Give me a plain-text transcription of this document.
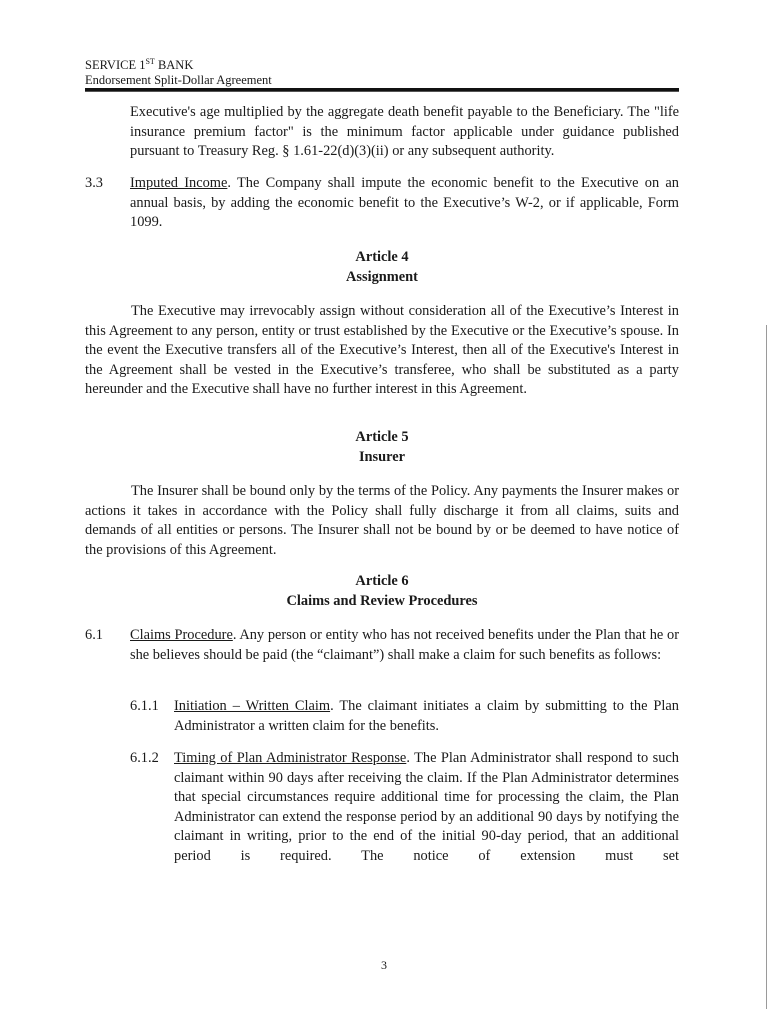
SERVICE 1ST BANK
Endorsement Split-Dollar Agreement

Executive's age multiplied by the aggregate death benefit payable to the Beneficiary. The "life insurance premium factor" is the minimum factor applicable under guidance published pursuant to Treasury Reg. § 1.61-22(d)(3)(ii) or any subsequent authority.

3.3 Imputed Income. The Company shall impute the economic benefit to the Executive on an annual basis, by adding the economic benefit to the Executive’s W-2, or if applicable, Form 1099.

Article 4
Assignment

The Executive may irrevocably assign without consideration all of the Executive’s Interest in this Agreement to any person, entity or trust established by the Executive or the Executive’s spouse. In the event the Executive transfers all of the Executive’s Interest, then all of the Executive's Interest in the Agreement shall be vested in the Executive’s transferee, who shall be substituted as a party hereunder and the Executive shall have no further interest in this Agreement.

Article 5
Insurer

The Insurer shall be bound only by the terms of the Policy. Any payments the Insurer makes or actions it takes in accordance with the Policy shall fully discharge it from all claims, suits and demands of all entities or persons. The Insurer shall not be bound by or be deemed to have notice of the provisions of this Agreement.

Article 6
Claims and Review Procedures
6.1 Claims Procedure. Any person or entity who has not received benefits under the Plan that he or she believes should be paid (the “claimant”) shall make a claim for such benefits as follows:

6.1.1 Initiation – Written Claim. The claimant initiates a claim by submitting to the Plan Administrator a written claim for the benefits.

6.1.2 Timing of Plan Administrator Response. The Plan Administrator shall respond to such claimant within 90 days after receiving the claim. If the Plan Administrator determines that special circumstances require additional time for processing the claim, the Plan Administrator can extend the response period by an additional 90 days by notifying the claimant in writing, prior to the end of the initial 90-day period, that an additional period is required. The notice of extension must set

3
